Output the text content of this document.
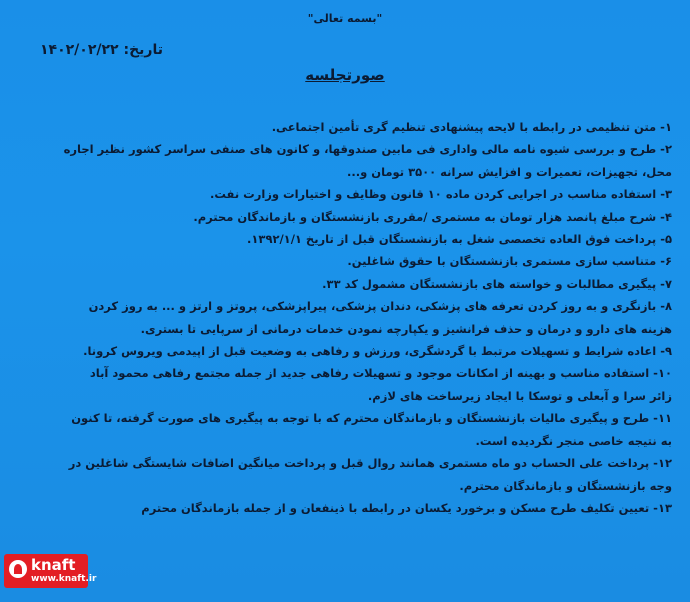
"بسمه تعالی"
تاریخ: ۱۴۰۲/۰۲/۲۲
صورتجلسه
۱- متن تنظیمی در رابطه با لایحه پیشنهادی تنظیم گری تأمین اجتماعی.
۲- طرح و بررسی شیوه نامه مالی واداری فی مابین صندوقها، و کانون های صنفی سراسر کشور نظیر اجاره
محل، تجهیزات، تعمیرات و افزایش سرانه ۳۵۰۰ تومان و...
۳- استفاده مناسب در اجرایی کردن ماده ۱۰ قانون وظایف و اختیارات وزارت نفت.
۴- شرح مبلغ پانصد هزار تومان به مستمری /مقرری بازنشستگان و بازماندگان محترم.
۵- پرداخت فوق العاده تخصصی شغل به بازنشستگان قبل از تاریخ ۱۳۹۲/۱/۱.
۶- متناسب سازی مستمری بازنشستگان با حقوق شاغلین.
۷- پیگیری مطالبات و خواسته های بازنشستگان مشمول کد ۳۳.
۸- بازنگری و به روز کردن تعرفه های پزشکی، دندان پزشکی، پیراپزشکی، پروتز و ارتز و ... به روز کردن
هزینه های دارو و درمان و حذف فرانشیز و یکپارچه نمودن خدمات درمانی از سرپایی تا بستری.
۹- اعاده شرایط و تسهیلات مرتبط با گردشگری، ورزش و رفاهی به وضعیت قبل از اپیدمی ویروس کرونا.
۱۰- استفاده مناسب و بهینه از امکانات موجود و تسهیلات رفاهی جدید از جمله مجتمع رفاهی محمود آباد
زائر سرا و آبعلی و توسکا با ایجاد زیرساخت های لازم.
۱۱- طرح و پیگیری مالیات بازنشستگان و بازماندگان محترم که با توجه به پیگیری های صورت گرفته، تا کنون
به نتیجه خاصی منجر نگردیده است.
۱۲- پرداخت علی الحساب دو ماه مستمری همانند روال قبل و پرداخت میانگین اضافات شایستگی شاغلین در
وجه بازنشستگان و بازماندگان محترم.
۱۳- تعیین تکلیف طرح مسکن و برخورد یکسان در رابطه با ذینفعان و از جمله بازماندگان محترم
knaft
www.knaft.ir
